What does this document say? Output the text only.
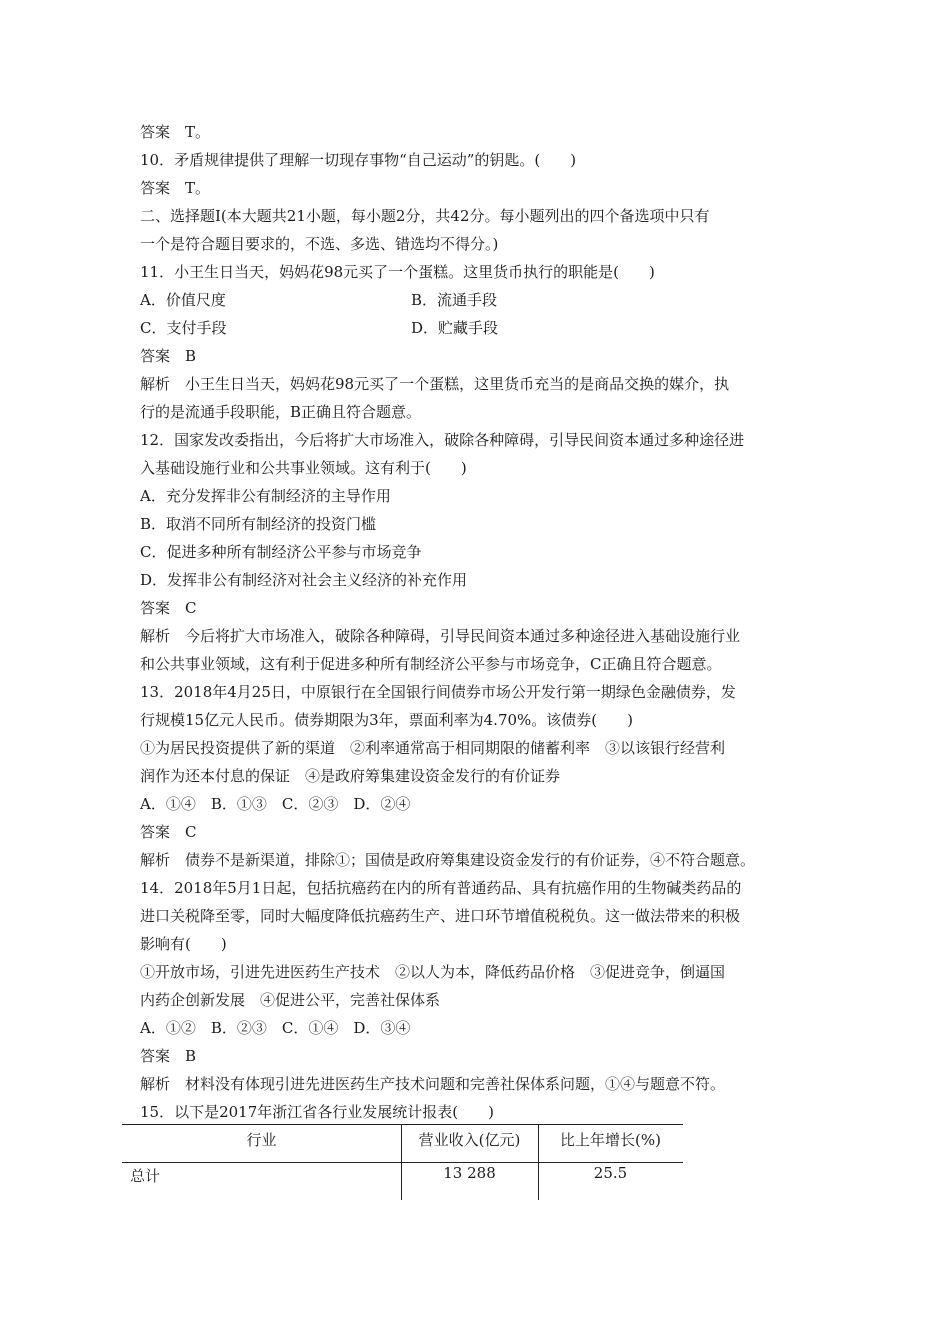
答案　T。
10．矛盾规律提供了理解一切现存事物“自己运动”的钥匙。(　　)
答案　T。
二、选择题Ⅰ(本大题共21小题，每小题2分，共42分。每小题列出的四个备选项中只有
一个是符合题目要求的，不选、多选、错选均不得分。)
11．小王生日当天，妈妈花98元买了一个蛋糕。这里货币执行的职能是(　　)
A．价值尺度	B．流通手段
C．支付手段	D．贮藏手段
答案　B
解析　小王生日当天，妈妈花98元买了一个蛋糕，这里货币充当的是商品交换的媒介，执
行的是流通手段职能，B正确且符合题意。
12．国家发改委指出，今后将扩大市场准入，破除各种障碍，引导民间资本通过多种途径进
入基础设施行业和公共事业领域。这有利于(　　)
A．充分发挥非公有制经济的主导作用
B．取消不同所有制经济的投资门槛
C．促进多种所有制经济公平参与市场竞争
D．发挥非公有制经济对社会主义经济的补充作用
答案　C
解析　今后将扩大市场准入，破除各种障碍，引导民间资本通过多种途径进入基础设施行业
和公共事业领域，这有利于促进多种所有制经济公平参与市场竞争，C正确且符合题意。
13．2018年4月25日，中原银行在全国银行间债券市场公开发行第一期绿色金融债券，发
行规模15亿元人民币。债券期限为3年，票面利率为4.70%。该债券(　　)
①为居民投资提供了新的渠道　②利率通常高于相同期限的储蓄利率　③以该银行经营利
润作为还本付息的保证　④是政府筹集建设资金发行的有价证券
A．①④　B．①③　C．②③　D．②④
答案　C
解析　债券不是新渠道，排除①；国债是政府筹集建设资金发行的有价证券，④不符合题意。
14．2018年5月1日起，包括抗癌药在内的所有普通药品、具有抗癌作用的生物碱类药品的
进口关税降至零，同时大幅度降低抗癌药生产、进口环节增值税税负。这一做法带来的积极
影响有(　　)
①开放市场，引进先进医药生产技术　②以人为本，降低药品价格　③促进竞争，倒逼国
内药企创新发展　④促进公平，完善社保体系
A．①②　B．②③　C．①④　D．③④
答案　B
解析　材料没有体现引进先进医药生产技术问题和完善社保体系问题，①④与题意不符。
15．以下是2017年浙江省各行业发展统计报表(　　)
行业	营业收入(亿元)	比上年增长(%)
总计	13 288	25.5
